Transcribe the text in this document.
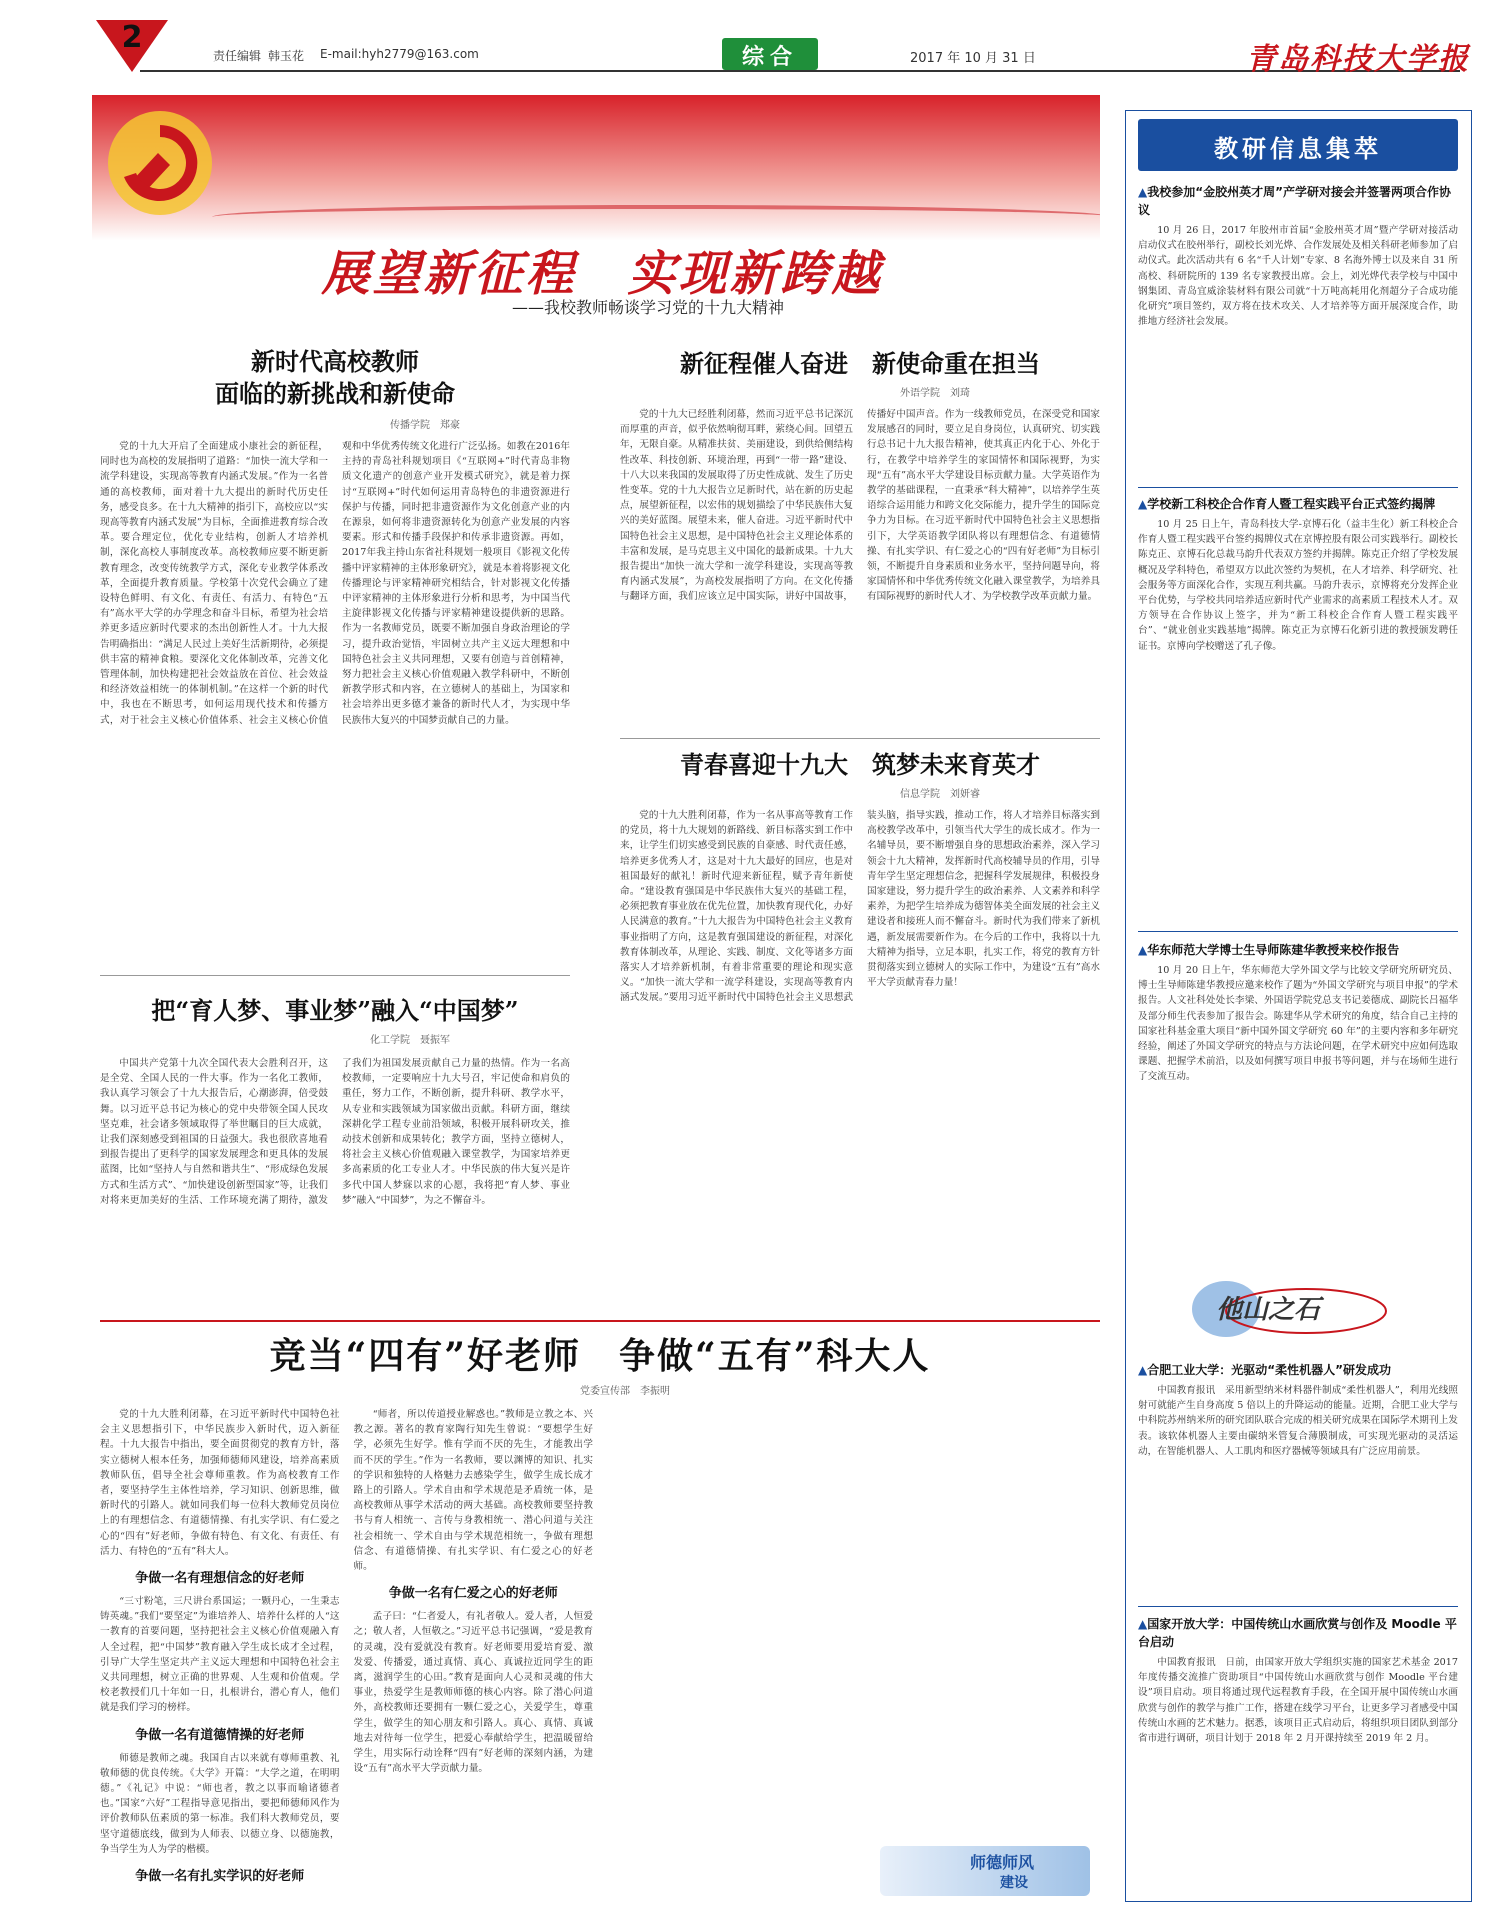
2
责任编辑 韩玉花 E-mail:hyh2779@163.com	综合	2017 年 10 月 31 日	青岛科技大学报
展望新征程　实现新跨越
——我校教师畅谈学习党的十九大精神

新时代高校教师

面临的新挑战和新使命

传播学院　郑豪

党的十九大开启了全面建成小康社会的新征程，同时也为高校的发展指明了道路：“加快一流大学和一流学科建设，实现高等教育内涵式发展。”作为一名普通的高校教师，面对着十九大提出的新时代历史任务，感受良多。在十九大精神的指引下，高校应以“实现高等教育内涵式发展”为目标，全面推进教育综合改革。要合理定位，优化专业结构，创新人才培养机制，深化高校人事制度改革。高校教师应要不断更新教育理念，改变传统教学方式，深化专业教学体系改革，全面提升教育质量。学校第十次党代会确立了建设特色鲜明、有文化、有责任、有活力、有特色“五有”高水平大学的办学理念和奋斗目标，希望为社会培养更多适应新时代要求的杰出创新性人才。十九大报告明确指出：“满足人民过上美好生活新期待，必须提供丰富的精神食粮。要深化文化体制改革，完善文化管理体制，加快构建把社会效益放在首位、社会效益和经济效益相统一的体制机制。”在这样一个新的时代中，我也在不断思考，如何运用现代技术和传播方式，对于社会主义核心价值体系、社会主义核心价值观和中华优秀传统文化进行广泛弘扬。如教在2016年主持的青岛社科规划项目《“互联网+”时代青岛非物质文化遗产的创意产业开发模式研究》，就是着力探讨“互联网+”时代如何运用青岛特色的非遗资源进行保护与传播，同时把非遗资源作为文化创意产业的内在源泉，如何将非遗资源转化为创意产业发展的内容要素。形式和传播手段保护和传承非遗资源。再如，2017年我主持山东省社科规划一般项目《影视文化传播中评家精神的主体形象研究》，就是本着将影视文化传播理论与评家精神研究相结合，针对影视文化传播中评家精神的主体形象进行分析和思考，为中国当代主旋律影视文化传播与评家精神建设提供新的思路。作为一名教师党员，既要不断加强自身政治理论的学习，提升政治觉悟，牢固树立共产主义远大理想和中国特色社会主义共同理想，又要有创造与首创精神，努力把社会主义核心价值观融入教学科研中，不断创新教学形式和内容，在立德树人的基础上，为国家和社会培养出更多德才兼备的新时代人才，为实现中华民族伟大复兴的中国梦贡献自己的力量。

新征程催人奋进　新使命重在担当

外语学院　刘琦

党的十九大已经胜利闭幕，然而习近平总书记深沉而厚重的声音，似乎依然响彻耳畔，萦绕心间。回望五年，无限自豪。从精准扶贫、美丽建设，到供给侧结构性改革、科技创新、环境治理，再到“一带一路”建设、十八大以来我国的发展取得了历史性成就、发生了历史性变革。党的十九大报告立足新时代，站在新的历史起点，展望新征程，以宏伟的规划描绘了中华民族伟大复兴的美好蓝图。展望未来，催人奋进。习近平新时代中国特色社会主义思想，是中国特色社会主义理论体系的丰富和发展，是马克思主义中国化的最新成果。十九大报告提出“加快一流大学和一流学科建设，实现高等教育内涵式发展”，为高校发展指明了方向。在文化传播与翻译方面，我们应该立足中国实际，讲好中国故事，传播好中国声音。作为一线教师党员，在深受党和国家发展感召的同时，要立足自身岗位，认真研究、切实践行总书记十九大报告精神，使其真正内化于心、外化于行，在教学中培养学生的家国情怀和国际视野，为实现“五有”高水平大学建设目标贡献力量。大学英语作为教学的基础课程，一直秉承“科大精神”，以培养学生英语综合运用能力和跨文化交际能力，提升学生的国际竞争力为目标。在习近平新时代中国特色社会主义思想指引下，大学英语教学团队将以有理想信念、有道德情操、有扎实学识、有仁爱之心的“四有好老师”为目标引领，不断提升自身素质和业务水平，坚持问题导向，将家国情怀和中华优秀传统文化融入课堂教学，为培养具有国际视野的新时代人才、为学校教学改革贡献力量。

青春喜迎十九大　筑梦未来育英才

信息学院　刘妍睿

党的十九大胜利闭幕，作为一名从事高等教育工作的党员，将十九大规划的新路线、新目标落实到工作中来，让学生们切实感受到民族的自豪感、时代责任感，培养更多优秀人才，这是对十九大最好的回应，也是对祖国最好的献礼！新时代迎来新征程，赋予青年新使命。“建设教育强国是中华民族伟大复兴的基础工程，必须把教育事业放在优先位置，加快教育现代化，办好人民满意的教育。”十九大报告为中国特色社会主义教育事业指明了方向，这是教育强国建设的新征程，对深化教育体制改革，从理论、实践、制度、文化等诸多方面落实人才培养新机制，有着非常重要的理论和现实意义。“加快一流大学和一流学科建设，实现高等教育内涵式发展。”要用习近平新时代中国特色社会主义思想武装头脑，指导实践，推动工作，将人才培养目标落实到高校教学改革中，引领当代大学生的成长成才。作为一名辅导员，要不断增强自身的思想政治素养，深入学习领会十九大精神，发挥新时代高校辅导员的作用，引导青年学生坚定理想信念，把握科学发展规律，积极投身国家建设，努力提升学生的政治素养、人文素养和科学素养，为把学生培养成为德智体美全面发展的社会主义建设者和接班人而不懈奋斗。新时代为我们带来了新机遇，新发展需要新作为。在今后的工作中，我将以十九大精神为指导，立足本职，扎实工作，将党的教育方针贯彻落实到立德树人的实际工作中，为建设“五有”高水平大学贡献青春力量！

把“育人梦、事业梦”融入“中国梦”

化工学院　聂振军

中国共产党第十九次全国代表大会胜利召开，这是全党、全国人民的一件大事。作为一名化工教师，我认真学习领会了十九大报告后，心潮澎湃，倍受鼓舞。以习近平总书记为核心的党中央带领全国人民攻坚克难，社会诸多领域取得了举世瞩目的巨大成就，让我们深刻感受到祖国的日益强大。我也很欣喜地看到报告提出了更科学的国家发展理念和更具体的发展蓝图，比如“坚持人与自然和谐共生”、“形成绿色发展方式和生活方式”、“加快建设创新型国家”等，让我们对将来更加美好的生活、工作环境充满了期待，激发了我们为祖国发展贡献自己力量的热情。作为一名高校教师，一定要响应十九大号召，牢记使命和肩负的重任，努力工作，不断创新，提升科研、教学水平，从专业和实践领域为国家做出贡献。科研方面，继续深耕化学工程专业前沿领域，积极开展科研攻关，推动技术创新和成果转化；教学方面，坚持立德树人，将社会主义核心价值观融入课堂教学，为国家培养更多高素质的化工专业人才。中华民族的伟大复兴是许多代中国人梦寐以求的心愿，我将把“育人梦、事业梦”融入“中国梦”，为之不懈奋斗。

竞当“四有”好老师　争做“五有”科大人

党委宣传部　李振明

党的十九大胜利闭幕，在习近平新时代中国特色社会主义思想指引下，中华民族步入新时代，迈入新征程。十九大报告中指出，要全面贯彻党的教育方针，落实立德树人根本任务，加强师德师风建设，培养高素质教师队伍，倡导全社会尊师重教。作为高校教育工作者，要坚持学生主体性培养，学习知识、创新思维，做新时代的引路人。就如同我们每一位科大教师党员岗位上的有理想信念、有道德情操、有扎实学识、有仁爱之心的“四有”好老师，争做有特色、有文化、有责任、有活力、有特色的“五有”科大人。

争做一名有理想信念的好老师

“三寸粉笔，三尺讲台系国运；一颗丹心，一生秉志铸英魂。”我们“要坚定”为谁培养人、培养什么样的人“这一教育的首要问题，坚持把社会主义核心价值观融入育人全过程，把“中国梦”教育融入学生成长成才全过程，引导广大学生坚定共产主义远大理想和中国特色社会主义共同理想，树立正确的世界观、人生观和价值观。学校老教授们几十年如一日，扎根讲台，潜心育人，他们就是我们学习的榜样。

争做一名有道德情操的好老师

师德是教师之魂。我国自古以来就有尊师重教、礼敬师德的优良传统。《大学》开篇：“大学之道，在明明德。”《礼记》中说：“师也者，教之以事而喻诸德者也。”国家“六好”工程指导意见指出，要把师德师风作为评价教师队伍素质的第一标准。我们科大教师党员，要坚守道德底线，做到为人师表、以德立身、以德施教，争当学生为人为学的楷模。

争做一名有扎实学识的好老师

“师者，所以传道授业解惑也。”教师是立教之本、兴教之源。著名的教育家陶行知先生曾说：“要想学生好学，必须先生好学。惟有学而不厌的先生，才能教出学而不厌的学生。”作为一名教师，要以渊博的知识、扎实的学识和独特的人格魅力去感染学生，做学生成长成才路上的引路人。学术自由和学术规范是矛盾统一体，是高校教师从事学术活动的两大基础。高校教师要坚持教书与育人相统一、言传与身教相统一、潜心问道与关注社会相统一、学术自由与学术规范相统一，争做有理想信念、有道德情操、有扎实学识、有仁爱之心的好老师。

争做一名有仁爱之心的好老师

孟子曰：“仁者爱人，有礼者敬人。爱人者，人恒爱之；敬人者，人恒敬之。”习近平总书记强调，“爱是教育的灵魂，没有爱就没有教育。好老师要用爱培育爱、激发爱、传播爱，通过真情、真心、真诚拉近同学生的距离，滋润学生的心田。”教育是面向人心灵和灵魂的伟大事业，热爱学生是教师师德的核心内容。除了潜心问道外，高校教师还要拥有一颗仁爱之心，关爱学生，尊重学生，做学生的知心朋友和引路人。真心、真情、真诚地去对待每一位学生，把爱心奉献给学生，把温暖留给学生，用实际行动诠释“四有”好老师的深刻内涵，为建设“五有”高水平大学贡献力量。

师德师风
建设
教研信息集萃

▲我校参加“金胶州英才周”产学研对接会并签署两项合作协议

10 月 26 日，2017 年胶州市首届“金胶州英才周”暨产学研对接活动启动仪式在胶州举行，副校长刘光烨、合作发展处及相关科研老师参加了启动仪式。此次活动共有 6 名“千人计划”专家、8 名海外博士以及来自 31 所高校、科研院所的 139 名专家教授出席。会上，刘光烨代表学校与中国中钢集团、青岛宜威涂装材料有限公司就“十万吨高耗用化剂超分子合成功能化研究”项目签约，双方将在技术攻关、人才培养等方面开展深度合作，助推地方经济社会发展。

▲学校新工科校企合作育人暨工程实践平台正式签约揭牌

10 月 25 日上午，青岛科技大学-京博石化（益丰生化）新工科校企合作育人暨工程实践平台签约揭牌仪式在京博控股有限公司实践举行。副校长陈克正、京博石化总裁马韵升代表双方签约并揭牌。陈克正介绍了学校发展概况及学科特色，希望双方以此次签约为契机，在人才培养、科学研究、社会服务等方面深化合作，实现互利共赢。马韵升表示，京博将充分发挥企业平台优势，与学校共同培养适应新时代产业需求的高素质工程技术人才。双方领导在合作协议上签字，并为“新工科校企合作育人暨工程实践平台”、“就业创业实践基地”揭牌。陈克正为京博石化新引进的教授颁发聘任证书。京博向学校赠送了孔子像。

▲华东师范大学博士生导师陈建华教授来校作报告

10 月 20 日上午，华东师范大学外国文学与比较文学研究所研究员、博士生导师陈建华教授应邀来校作了题为“外国文学研究与项目申报”的学术报告。人文社科处处长李梁、外国语学院党总支书记姜德成、副院长吕福华及部分师生代表参加了报告会。陈建华从学术研究的角度，结合自己主持的国家社科基金重大项目“新中国外国文学研究 60 年”的主要内容和多年研究经验，阐述了外国文学研究的特点与方法论问题，在学术研究中应如何选取课题、把握学术前沿，以及如何撰写项目申报书等问题，并与在场师生进行了交流互动。

他山之石

▲合肥工业大学：光驱动“柔性机器人”研发成功

中国教育报讯　采用新型纳米材料器件制成“柔性机器人”，利用光线照射可就能产生自身高度 5 倍以上的升降运动的能量。近期，合肥工业大学与中科院苏州纳米所的研究团队联合完成的相关研究成果在国际学术期刊上发表。该软体机器人主要由碳纳米管复合薄膜制成，可实现光驱动的灵活运动，在智能机器人、人工肌肉和医疗器械等领域具有广泛应用前景。

▲国家开放大学：中国传统山水画欣赏与创作及 Moodle 平台启动

中国教育报讯　日前，由国家开放大学组织实施的国家艺术基金 2017 年度传播交流推广资助项目“中国传统山水画欣赏与创作 Moodle 平台建设”项目启动。项目将通过现代远程教育手段，在全国开展中国传统山水画欣赏与创作的教学与推广工作，搭建在线学习平台，让更多学习者感受中国传统山水画的艺术魅力。据悉，该项目正式启动后，将组织项目团队到部分省市进行调研，项目计划于 2018 年 2 月开课持续至 2019 年 2 月。
